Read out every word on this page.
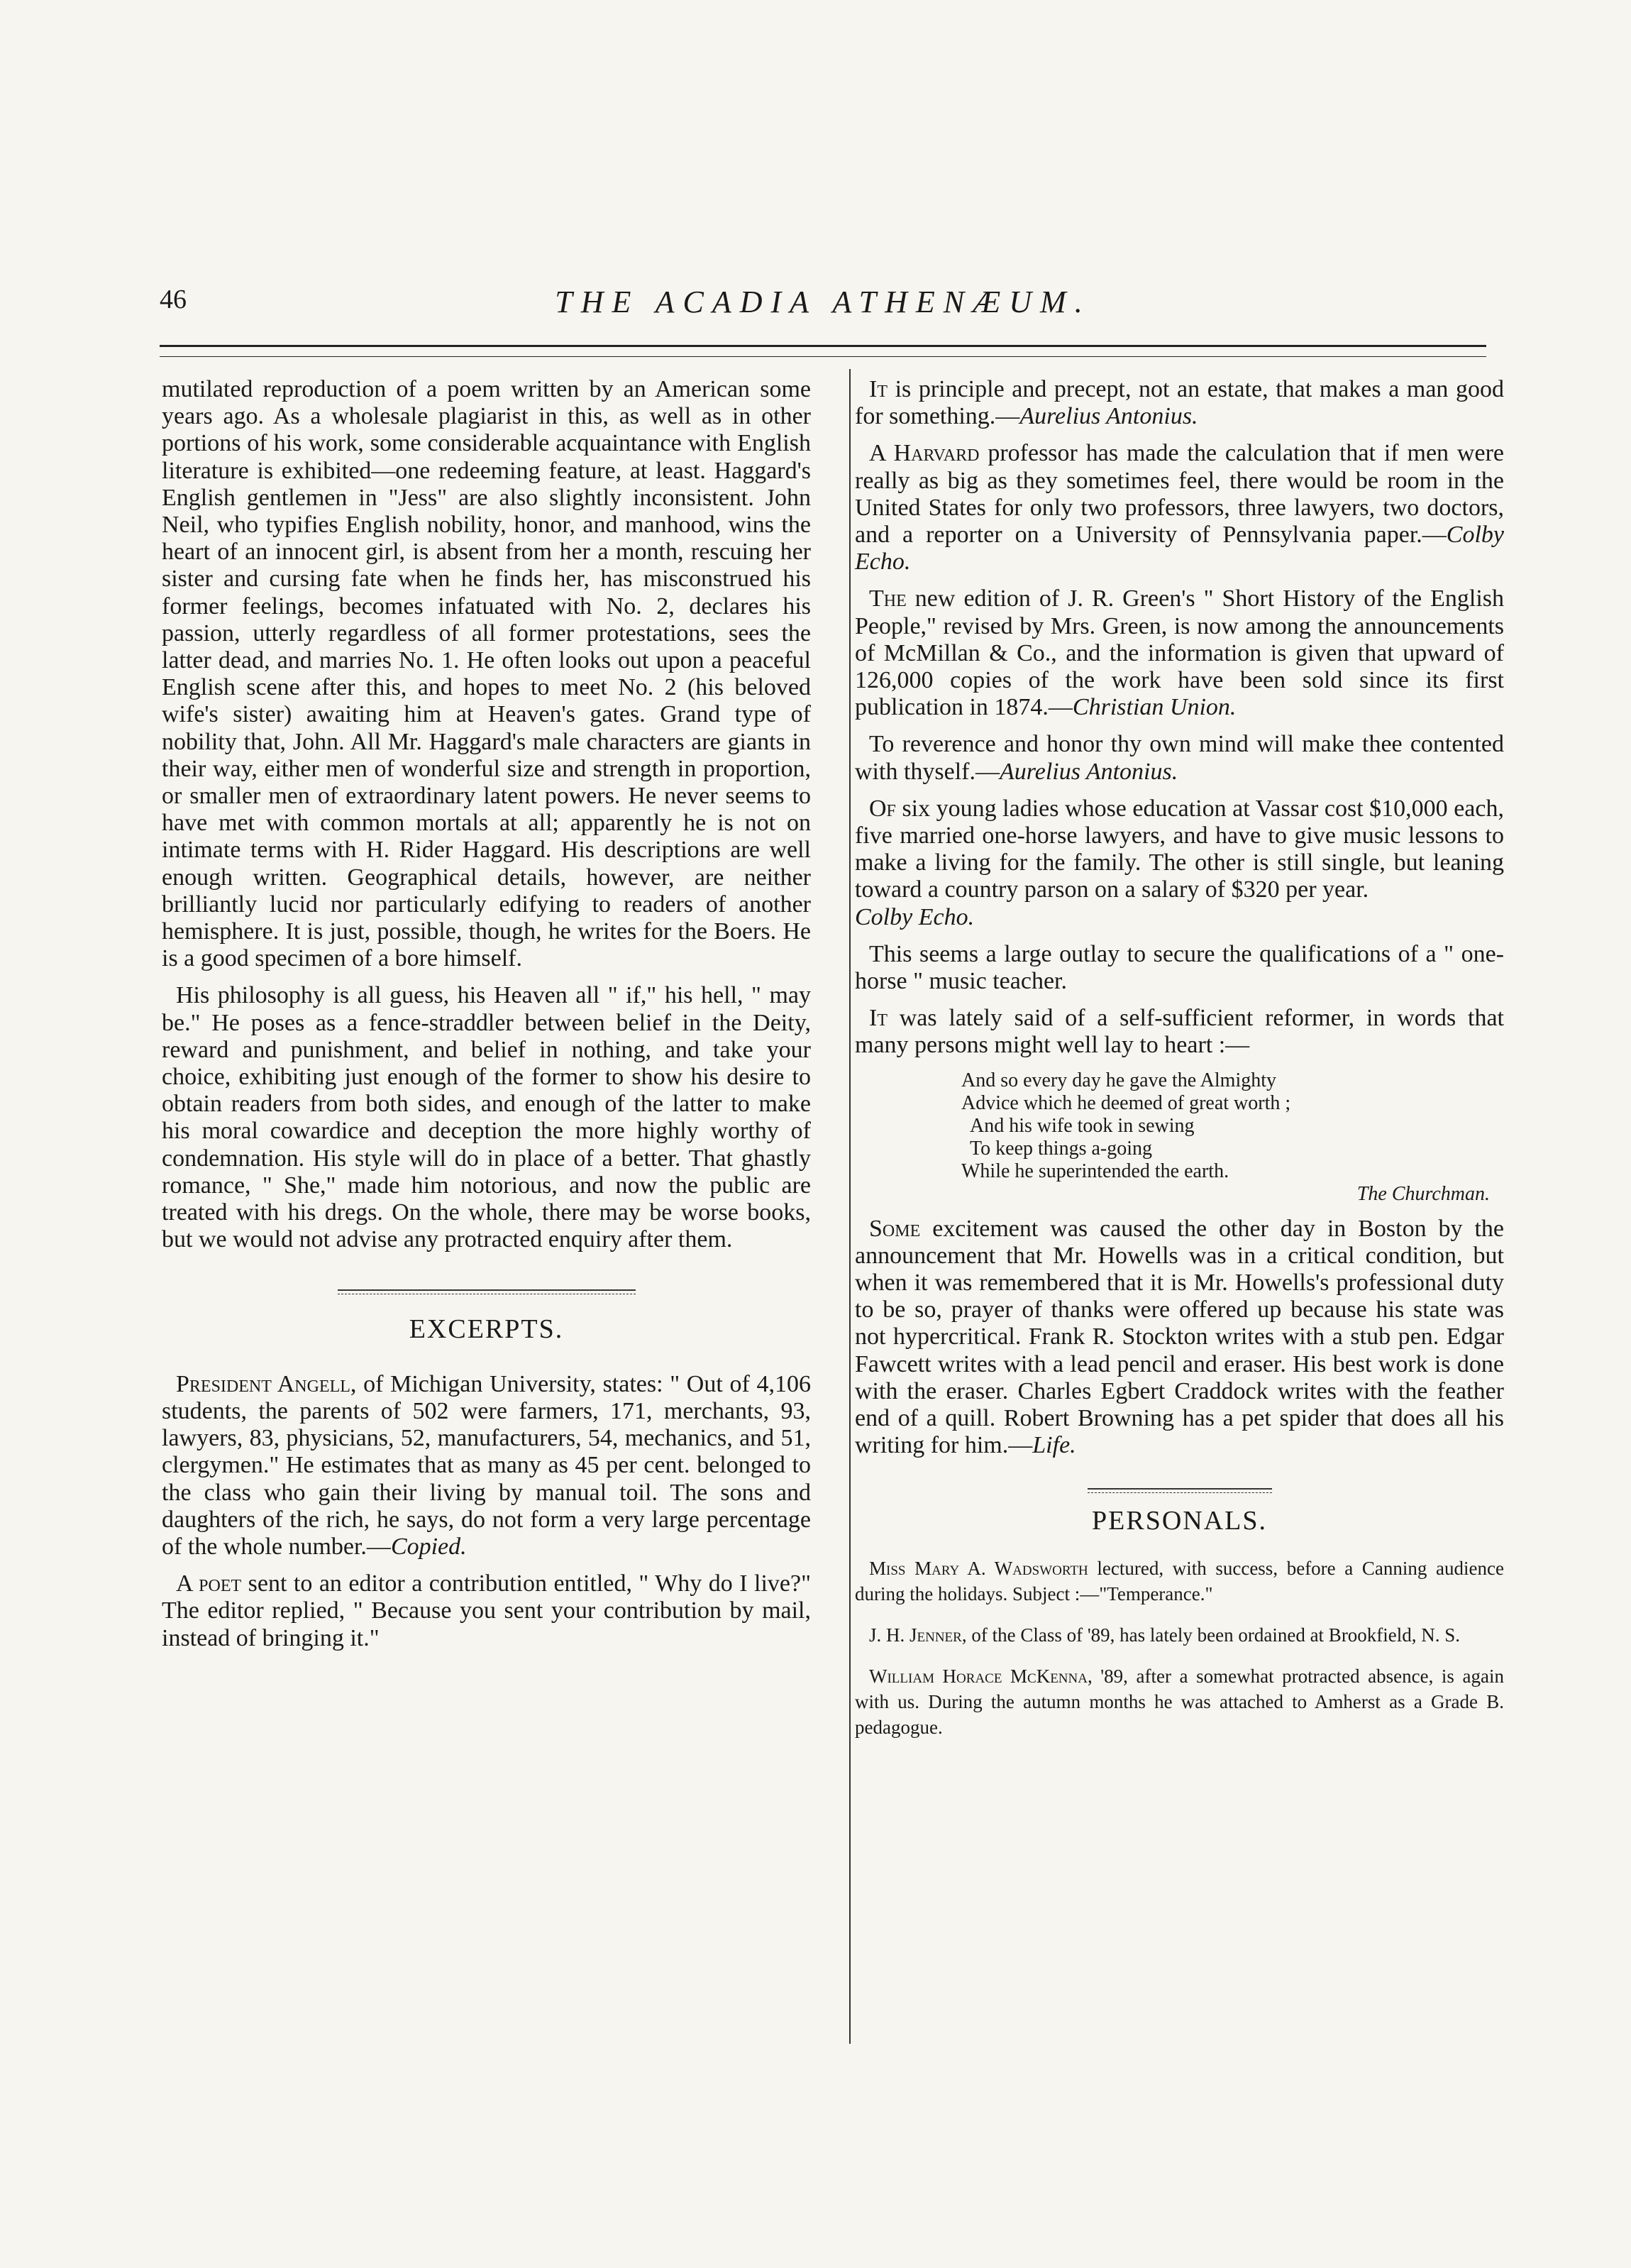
46	THE ACADIA ATHENÆUM.

mutilated reproduction of a poem written by an American some years ago. As a wholesale plagiarist in this, as well as in other portions of his work, some considerable acquaintance with English literature is exhibited—one redeeming feature, at least. Haggard's English gentlemen in "Jess" are also slightly inconsistent. John Neil, who typifies English nobility, honor, and manhood, wins the heart of an innocent girl, is absent from her a month, rescuing her sister and cursing fate when he finds her, has misconstrued his former feelings, becomes infatuated with No. 2, declares his passion, utterly regardless of all former protestations, sees the latter dead, and marries No. 1. He often looks out upon a peaceful English scene after this, and hopes to meet No. 2 (his beloved wife's sister) awaiting him at Heaven's gates. Grand type of nobility that, John. All Mr. Haggard's male characters are giants in their way, either men of wonderful size and strength in proportion, or smaller men of extraordinary latent powers. He never seems to have met with common mortals at all; apparently he is not on intimate terms with H. Rider Haggard. His descriptions are well enough written. Geographical details, however, are neither brilliantly lucid nor particularly edifying to readers of another hemisphere. It is just, possible, though, he writes for the Boers. He is a good specimen of a bore himself.

His philosophy is all guess, his Heaven all " if," his hell, " may be." He poses as a fence-straddler between belief in the Deity, reward and punishment, and belief in nothing, and take your choice, exhibiting just enough of the former to show his desire to obtain readers from both sides, and enough of the latter to make his moral cowardice and deception the more highly worthy of condemnation. His style will do in place of a better. That ghastly romance, " She," made him notorious, and now the public are treated with his dregs. On the whole, there may be worse books, but we would not advise any protracted enquiry after them.

EXCERPTS.

President Angell, of Michigan University, states: " Out of 4,106 students, the parents of 502 were farmers, 171, merchants, 93, lawyers, 83, physicians, 52, manufacturers, 54, mechanics, and 51, clergymen." He estimates that as many as 45 per cent. belonged to the class who gain their living by manual toil. The sons and daughters of the rich, he says, do not form a very large percentage of the whole number.—Copied.

A poet sent to an editor a contribution entitled, " Why do I live?" The editor replied, " Because you sent your contribution by mail, instead of bringing it."

It is principle and precept, not an estate, that makes a man good for something.—Aurelius Antonius.

A Harvard professor has made the calculation that if men were really as big as they sometimes feel, there would be room in the United States for only two professors, three lawyers, two doctors, and a reporter on a University of Pennsylvania paper.—Colby Echo.

The new edition of J. R. Green's " Short History of the English People," revised by Mrs. Green, is now among the announcements of McMillan & Co., and the information is given that upward of 126,000 copies of the work have been sold since its first publication in 1874.—Christian Union.

To reverence and honor thy own mind will make thee contented with thyself.—Aurelius Antonius.

Of six young ladies whose education at Vassar cost $10,000 each, five married one-horse lawyers, and have to give music lessons to make a living for the family. The other is still single, but leaning toward a country parson on a salary of $320 per year.
Colby Echo.

This seems a large outlay to secure the qualifications of a " one-horse " music teacher.

It was lately said of a self-sufficient reformer, in words that many persons might well lay to heart :—

And so every day he gave the Almighty
Advice which he deemed of great worth ;
And his wife took in sewing
To keep things a-going
While he superintended the earth.
The Churchman.

Some excitement was caused the other day in Boston by the announcement that Mr. Howells was in a critical condition, but when it was remembered that it is Mr. Howells's professional duty to be so, prayer of thanks were offered up because his state was not hypercritical. Frank R. Stockton writes with a stub pen. Edgar Fawcett writes with a lead pencil and eraser. His best work is done with the eraser. Charles Egbert Craddock writes with the feather end of a quill. Robert Browning has a pet spider that does all his writing for him.—Life.

PERSONALS.

Miss Mary A. Wadsworth lectured, with success, before a Canning audience during the holidays. Subject :—"Temperance."

J. H. Jenner, of the Class of '89, has lately been ordained at Brookfield, N. S.

William Horace McKenna, '89, after a somewhat protracted absence, is again with us. During the autumn months he was attached to Amherst as a Grade B. pedagogue.
